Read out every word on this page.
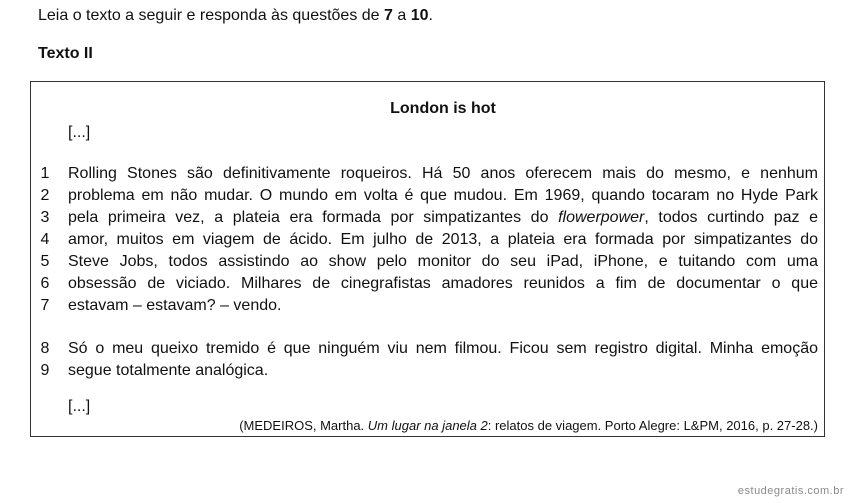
Leia o texto a seguir e responda às questões de 7 a 10.
Texto II
London is hot
[...]
1 Rolling Stones são definitivamente roqueiros. Há 50 anos oferecem mais do mesmo, e nenhum
2 problema em não mudar. O mundo em volta é que mudou. Em 1969, quando tocaram no Hyde Park
3 pela primeira vez, a plateia era formada por simpatizantes do flowerpower, todos curtindo paz e
4 amor, muitos em viagem de ácido. Em julho de 2013, a plateia era formada por simpatizantes do
5 Steve Jobs, todos assistindo ao show pelo monitor do seu iPad, iPhone, e tuitando com uma
6 obsessão de viciado. Milhares de cinegrafistas amadores reunidos a fim de documentar o que
7 estavam – estavam? – vendo.
8 Só o meu queixo tremido é que ninguém viu nem filmou. Ficou sem registro digital. Minha emoção
9 segue totalmente analógica.
[...]
(MEDEIROS, Martha. Um lugar na janela 2: relatos de viagem. Porto Alegre: L&PM, 2016, p. 27-28.)
estudegratis.com.br
